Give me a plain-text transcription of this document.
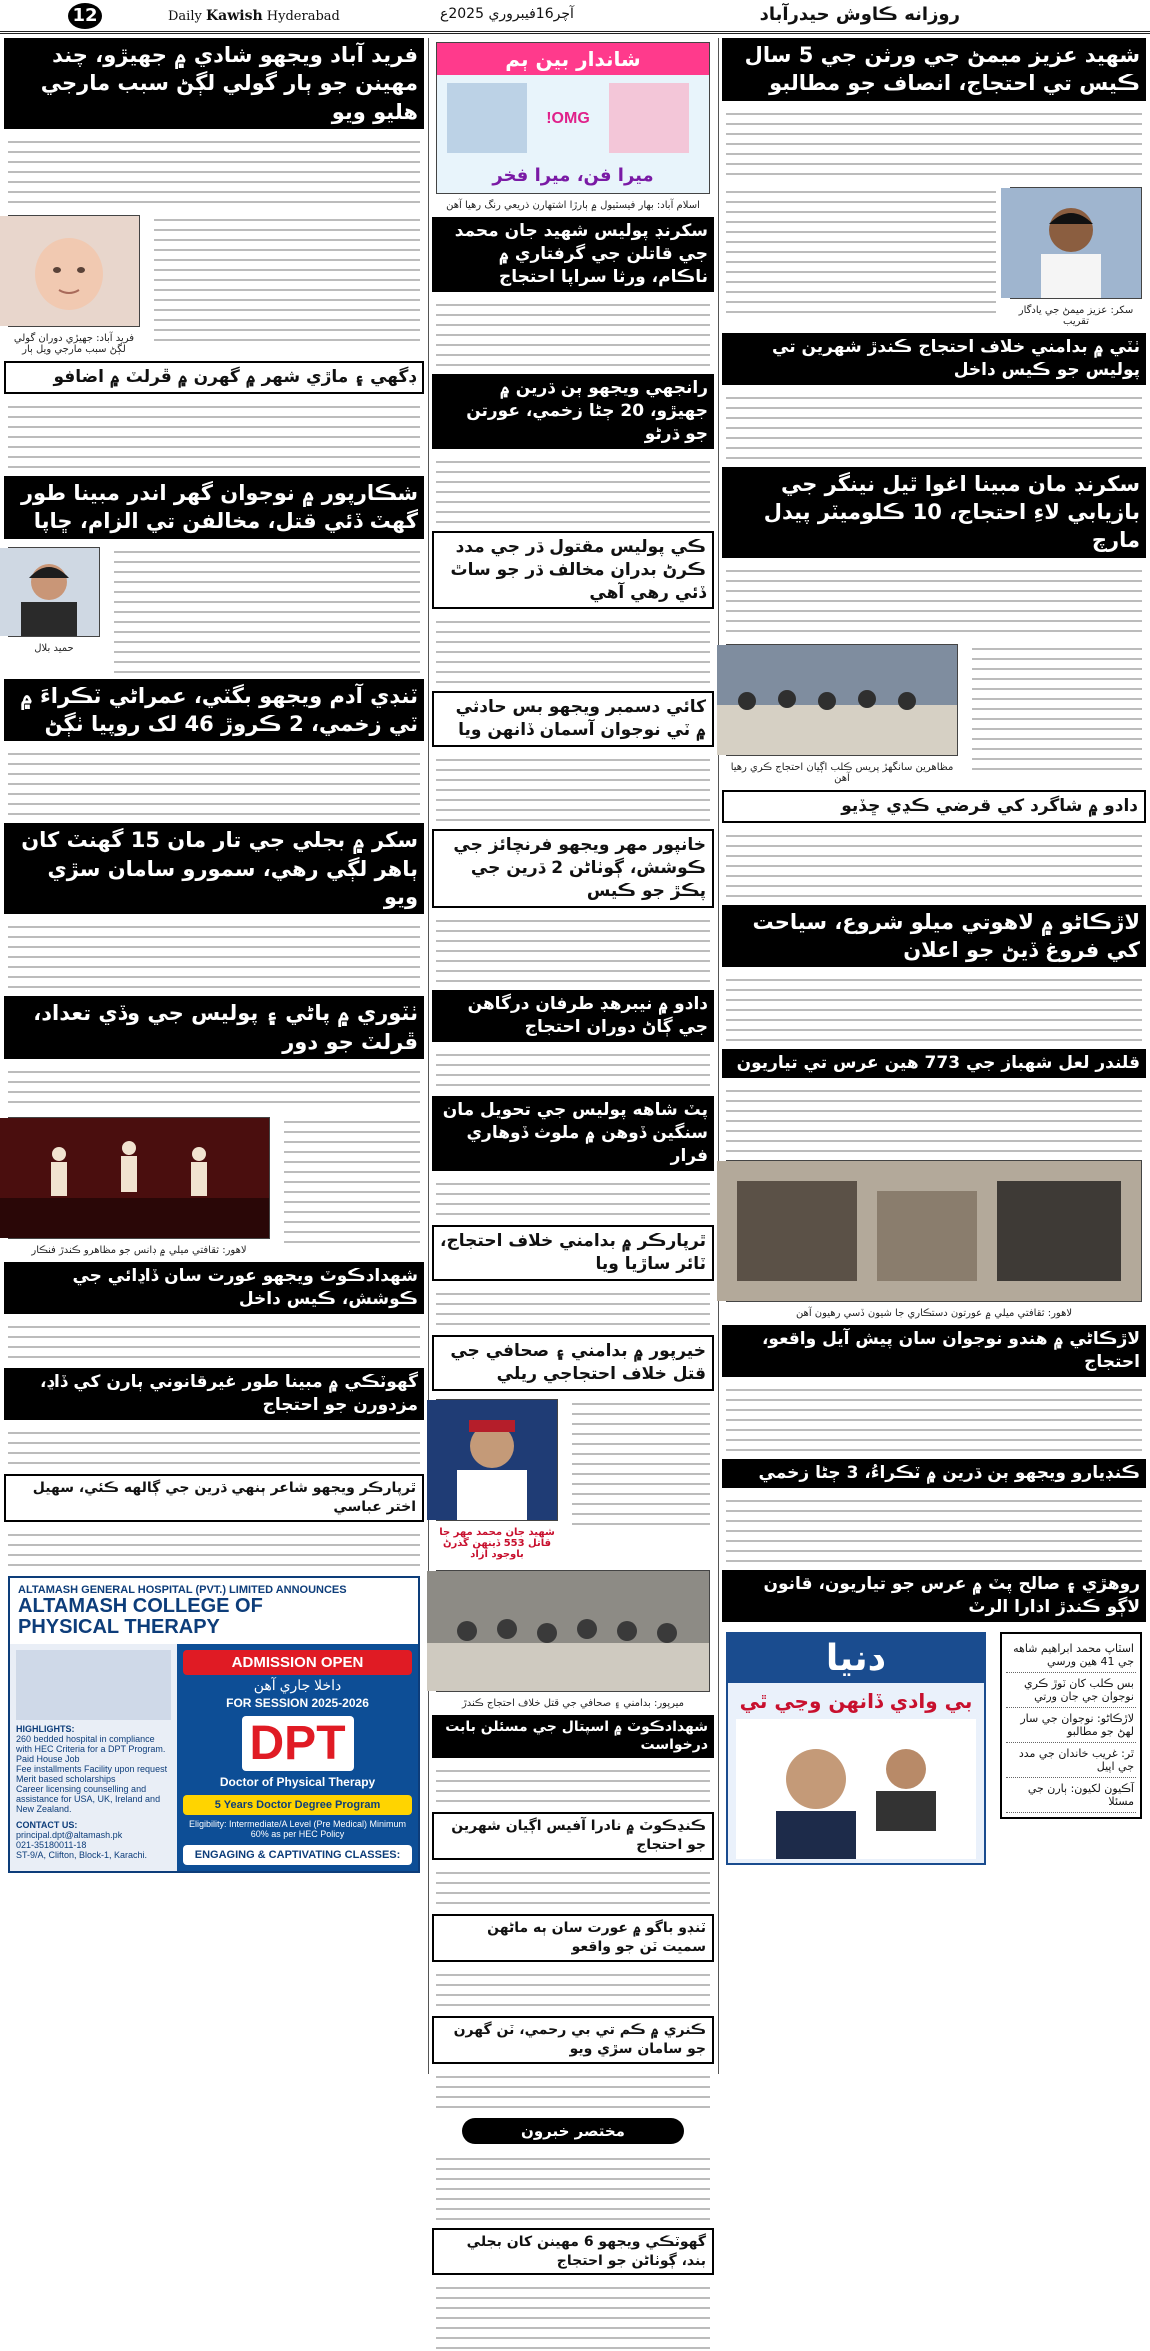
12	Daily Kawish Hyderabad	آچر16فيبروري 2025ع	روزانه ڪاوش حيدرآباد
فريد آباد ويجهو شادي ۾ جهيڙو، چند مهينن جو ٻار گولي لڳڻ سبب مارجي هليو ويو
فريد آباد: جهيڙي دوران گولي لڳڻ سبب مارجي ويل ٻار
ڊگهي ۽ ماڙي شهر ۾ گهرن ۾ ڦرلٽ ۾ اضافو
شڪارپور ۾ نوجوان گهر اندر مبينا طور گهٽ ڏئي قتل، مخالفن تي الزام، ڇاپا
حميد بلال
ٽنڊي آدم ويجهو بگٽي، عمراڻي ٽڪراءَ ۾ ٽي زخمي، 2 ڪروڙ 46 لک روپيا ٺڳڻ
سکر ۾ بجلي جي تار مان 15 گهنٽ کان ٻاهر لڳي رهي، سمورو سامان سڙي ويو
ٺٽوري ۾ پاڻي ۽ پوليس جي وڏي تعداد، ڦرلٽ جو دور
لاهور: ثقافتي ميلي ۾ ڊانس جو مظاهرو ڪندڙ فنڪار
شهدادڪوٽ ويجهو عورت سان ڏاڍائي جي ڪوشش، ڪيس داخل
گهوٽڪي ۾ مبينا طور غيرقانوني ٻارن کي ڏاڍ، مزدورن جو احتجاج
ٿرپارڪر ويجهو شاعر ٻنهي ڌرين جي ڳالهه ڪئي، سهيل اختر عباسي
ALTAMASH GENERAL HOSPITAL (PVT.) LIMITED ANNOUNCES
ALTAMASH COLLEGE OF
PHYSICAL THERAPY
HIGHLIGHTS:
260 bedded hospital in compliance with HEC Criteria for a DPT Program.
Paid House Job
Fee installments Facility upon request
Merit based scholarships
Career licensing counselling and assistance for USA, UK, Ireland and New Zealand.
CONTACT US:
principal.dpt@altamash.pk
021-35180011-18
ST-9/A, Clifton, Block-1, Karachi.
ADMISSION OPEN
داخلا جاري آهن
FOR SESSION 2025-2026
DPT
Doctor of Physical Therapy
5 Years Doctor Degree Program
Eligibility: Intermediate/A Level (Pre Medical) Minimum 60% as per HEC Policy
ENGAGING & CAPTIVATING CLASSES:
شاندار بين ٻم
OMG!
ميرا فن، ميرا فخر
اسلام آباد: بهار فيسٽيول ۾ ٻارڙا اشتهارن ذريعي رنگ رهيا آهن
سکرنڊ پوليس شهيد جان محمد جي قاتلن جي گرفتاري ۾ ناڪام، ورثا سراپا احتجاج
رانجهي ويجهو ٻن ڌرين ۾ جهيڙو، 20 ڄڻا زخمي، عورتن جو ڌرڻو
ڪي پوليس مقتول ڌر جي مدد ڪرڻ بدران مخالف ڌر جو ساٿ ڏئي رهي آهي
کائي دسمبر ويجهو بس حادثي ۾ ٽي نوجوان آسمان ڏانهن ويا
خانپور مهر ويجهو فرنچائز جي ڪوشش، ڳوٺاڻن 2 ڌرين جي پڪڙ جو ڪيس
دادو ۾ نيبرهڊ طرفان درگاهن جي ڳاڻ دوران احتجاج
پٽ شاهه پوليس جي تحويل مان سنگين ڏوهن ۾ ملوث ڏوهاري فرار
ٿرپارڪر ۾ بدامني خلاف احتجاج، ٽائر ساڙيا ويا
خيرپور ۾ بدامني ۽ صحافي جي قتل خلاف احتجاجي ريلي
شهيد جان محمد مهر جا قاتل 553 ڏينهن گذرڻ باوجود آزاد
ميرپور: بدامني ۽ صحافي جي قتل خلاف احتجاج ڪندڙ
شهدادڪوٽ ۾ اسپتال جي مسئلن بابت درخواست
ڪنڍڪوٽ ۾ نادرا آفيس اڳيان شهرين جو احتجاج
ٽنڊو باگو ۾ عورت سان ٻه ماڻهن سميت ٽن جو واقعو
ڪنري ۾ ڪم تي بي رحمي، ٽن گهرن جو سامان سڙي ويو
مختصر خبرون
گهوٽڪي ويجهو 6 مهينن کان بجلي بند، ڳوٺاڻن جو احتجاج
شهيد عزيز ميمڻ جي ورثن جي 5 سال ڪيس تي احتجاج، انصاف جو مطالبو
سکر: عزيز ميمڻ جي يادگار تقريب
ٺٽي ۾ بدامني خلاف احتجاج ڪندڙ شهرين تي پوليس جو ڪيس داخل
سکرنڊ مان مبينا اغوا ٿيل نينگر جي بازيابي لاءِ احتجاج، 10 ڪلوميٽر پيدل مارچ
مظاهرين سانگهڙ پريس ڪلب اڳيان احتجاج ڪري رهيا آهن
دادو ۾ شاگرد کي قرضي ڪڍي ڇڏيو
لاڙڪاڻو ۾ لاهوتي ميلو شروع، سياحت کي فروغ ڏيڻ جو اعلان
قلندر لعل شهباز جي 773 هين عرس تي تياريون
لاهور: ثقافتي ميلي ۾ عورتون دستڪاري جا شيون ڏسي رهيون آهن
لاڙڪاڻي ۾ هندو نوجوان سان پيش آيل واقعو، احتجاج
ڪنڊيارو ويجهو ٻن ڌرين ۾ ٽڪراءُ، 3 ڄڻا زخمي
روهڙي ۽ صالح پٽ ۾ عرس جو تياريون، قانون لاڳو ڪندڙ ادارا الرٽ
اسٽاپ محمد ابراهيم شاهه جي 41 هين ورسي
بس ڪلب کان ٽوڙ ڪري نوجوان جي جان ورتي
لاڙڪاڻو: نوجوان جي سار لهڻ جو مطالبو
ٿر: غريب خاندان جي مدد جي اپيل
آڪيون لکيون: ٻارن جي مسئلا
دنيا
بي وادي ڏانهن وڃي ٿي
